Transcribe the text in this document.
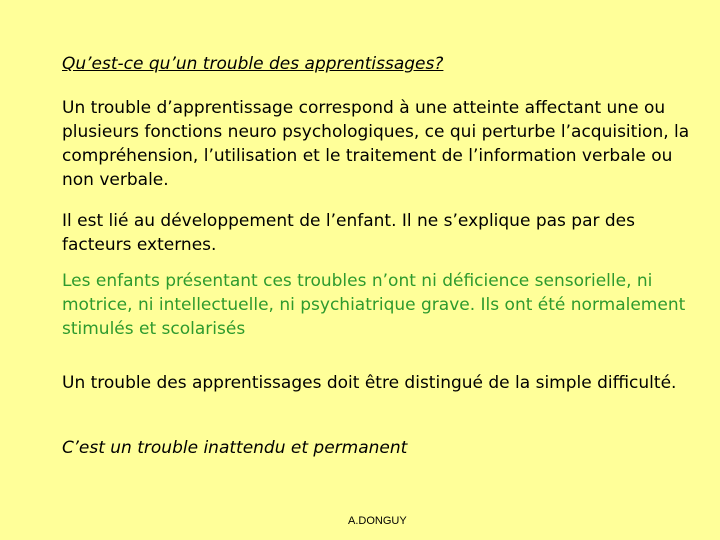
Qu’est-ce qu’un trouble des apprentissages?

Un trouble d’apprentissage correspond à une atteinte affectant une ou plusieurs fonctions neuro psychologiques, ce qui perturbe l’acquisition, la compréhension, l’utilisation et le traitement de l’information verbale ou non verbale.

Il est lié au développement de l’enfant. Il ne s’explique pas par des facteurs externes.

Les enfants présentant ces troubles n’ont ni déficience sensorielle, ni motrice, ni intellectuelle, ni psychiatrique grave. Ils ont été normalement stimulés et scolarisés

Un trouble des apprentissages doit être distingué de la simple difficulté.

C’est un trouble inattendu et permanent

A.DONGUY
